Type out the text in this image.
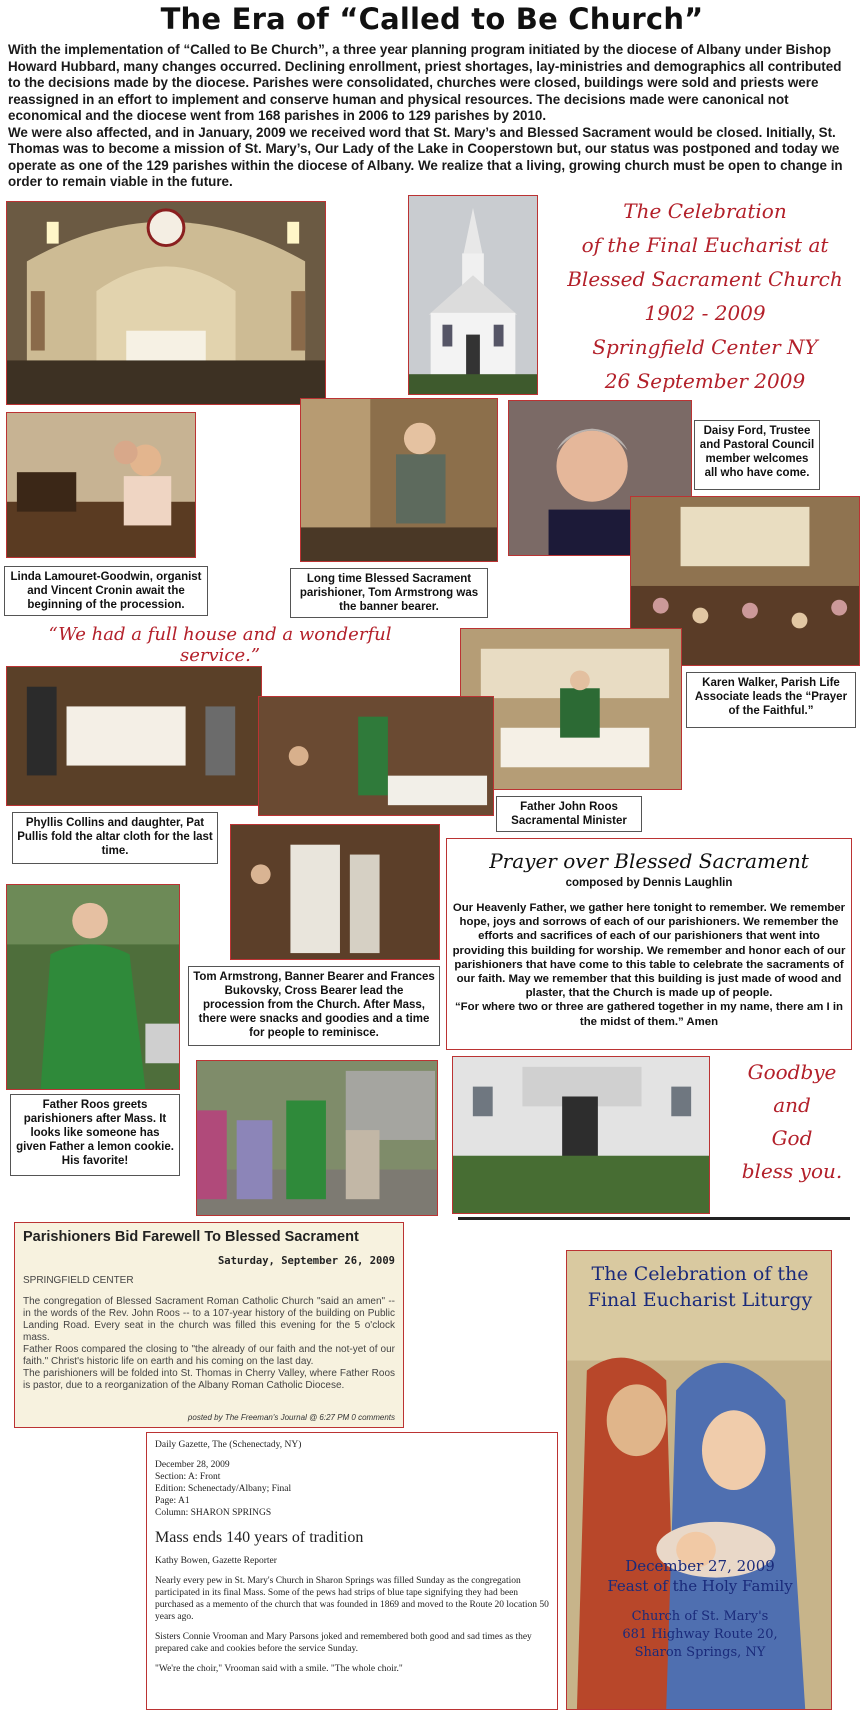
The Era of “Called to Be Church”

With the implementation of “Called to Be Church”, a three year planning program initiated by the diocese of Albany under Bishop Howard Hubbard, many changes occurred. Declining enrollment, priest shortages, lay-ministries and demographics all contributed to the decisions made by the diocese. Parishes were consolidated, churches were closed, buildings were sold and priests were reassigned in an effort to implement and conserve human and physical resources. The decisions made were canonical not economical and the diocese went from 168 parishes in 2006 to 129 parishes by 2010.

We were also affected, and in January, 2009 we received word that St. Mary’s and Blessed Sacrament would be closed. Initially, St. Thomas was to become a mission of St. Mary’s, Our Lady of the Lake in Cooperstown but, our status was postponed and today we operate as one of the 129 parishes within the diocese of Albany. We realize that a living, growing church must be open to change in order to remain viable in the future.

The Celebration
of the Final Eucharist at
Blessed Sacrament Church
1902 - 2009
Springfield Center NY
26 September 2009
Linda Lamouret-Goodwin, organist and Vincent Cronin await the beginning of the procession.
Long time Blessed Sacrament parishioner, Tom Armstrong was the banner bearer.
Daisy Ford, Trustee and Pastoral Council member welcomes all who have come.
“We had a full house and a wonderful service.”
Karen Walker, Parish Life Associate leads the “Prayer of the Faithful.”
Phyllis Collins and daughter, Pat Pullis fold the altar cloth for the last time.
Father John Roos Sacramental Minister
Tom Armstrong, Banner Bearer and Frances Bukovsky, Cross Bearer lead the procession from the Church. After Mass, there were snacks and goodies and a time for people to reminisce.
Prayer over Blessed Sacrament
composed by Dennis Laughlin
Our Heavenly Father, we gather here tonight to remember. We remember hope, joys and sorrows of each of our parishioners. We remember the efforts and sacrifices of each of our parishioners that went into providing this building for worship. We remember and honor each of our parishioners that have come to this table to celebrate the sacraments of our faith. May we remember that this building is just made of wood and plaster, that the Church is made up of people.
“For where two or three are gathered together in my name, there am I in the midst of them.” Amen
Father Roos greets parishioners after Mass. It looks like someone has given Father a lemon cookie. His favorite!
Goodbye
and
God
bless you.
Parishioners Bid Farewell To Blessed Sacrament
Saturday, September 26, 2009
SPRINGFIELD CENTER
The congregation of Blessed Sacrament Roman Catholic Church "said an amen" -- in the words of the Rev. John Roos -- to a 107-year history of the building on Public Landing Road. Every seat in the church was filled this evening for the 5 o'clock mass.
Father Roos compared the closing to "the already of our faith and the not-yet of our faith." Christ's historic life on earth and his coming on the last day.
The parishioners will be folded into St. Thomas in Cherry Valley, where Father Roos is pastor, due to a reorganization of the Albany Roman Catholic Diocese.
posted by The Freeman's Journal @ 6:27 PM 0 comments
Daily Gazette, The (Schenectady, NY)
December 28, 2009
Section: A: Front
Edition: Schenectady/Albany; Final
Page: A1
Column: SHARON SPRINGS
Mass ends 140 years of tradition

Kathy Bowen, Gazette Reporter

Nearly every pew in St. Mary's Church in Sharon Springs was filled Sunday as the congregation participated in its final Mass. Some of the pews had strips of blue tape signifying they had been purchased as a memento of the church that was founded in 1869 and moved to the Route 20 location 50 years ago.

Sisters Connie Vrooman and Mary Parsons joked and remembered both good and sad times as they prepared cake and cookies before the service Sunday.

"We're the choir," Vrooman said with a smile. "The whole choir."

The Celebration of the
Final Eucharist Liturgy
December 27, 2009
Feast of the Holy Family
Church of St. Mary's
681 Highway Route 20,
Sharon Springs, NY
